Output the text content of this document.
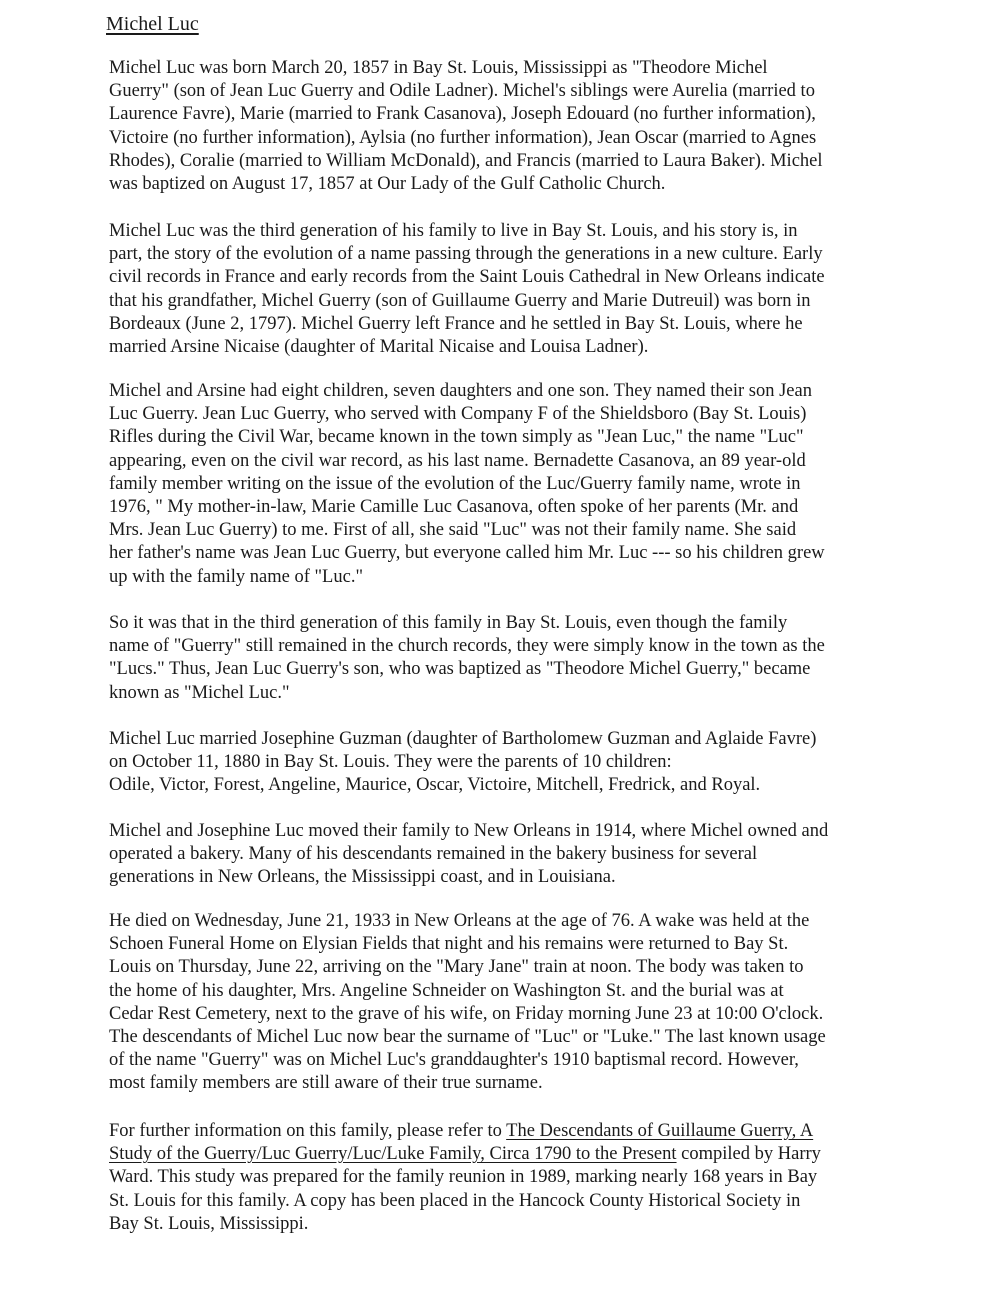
Michel Luc
Michel Luc was born March 20, 1857 in Bay St. Louis, Mississippi as "Theodore Michel
Guerry" (son of Jean Luc Guerry and Odile Ladner). Michel's siblings were Aurelia (married to
Laurence Favre), Marie (married to Frank Casanova), Joseph Edouard (no further information),
Victoire (no further information), Aylsia (no further information), Jean Oscar (married to Agnes
Rhodes), Coralie (married to William McDonald), and Francis (married to Laura Baker). Michel
was baptized on August 17, 1857 at Our Lady of the Gulf Catholic Church.
Michel Luc was the third generation of his family to live in Bay St. Louis, and his story is, in
part, the story of the evolution of a name passing through the generations in a new culture. Early
civil records in France and early records from the Saint Louis Cathedral in New Orleans indicate
that his grandfather, Michel Guerry (son of Guillaume Guerry and Marie Dutreuil) was born in
Bordeaux (June 2, 1797). Michel Guerry left France and he settled in Bay St. Louis, where he
married Arsine Nicaise (daughter of Marital Nicaise and Louisa Ladner).
Michel and Arsine had eight children, seven daughters and one son. They named their son Jean
Luc Guerry. Jean Luc Guerry, who served with Company F of the Shieldsboro (Bay St. Louis)
Rifles during the Civil War, became known in the town simply as "Jean Luc," the name "Luc"
appearing, even on the civil war record, as his last name. Bernadette Casanova, an 89 year-old
family member writing on the issue of the evolution of the Luc/Guerry family name, wrote in
1976, " My mother-in-law, Marie Camille Luc Casanova, often spoke of her parents (Mr. and
Mrs. Jean Luc Guerry) to me. First of all, she said "Luc" was not their family name. She said
her father's name was Jean Luc Guerry, but everyone called him Mr. Luc --- so his children grew
up with the family name of "Luc."
So it was that in the third generation of this family in Bay St. Louis, even though the family
name of "Guerry" still remained in the church records, they were simply know in the town as the
"Lucs." Thus, Jean Luc Guerry's son, who was baptized as "Theodore Michel Guerry," became
known as "Michel Luc."
Michel Luc married Josephine Guzman (daughter of Bartholomew Guzman and Aglaide Favre)
on October 11, 1880 in Bay St. Louis. They were the parents of 10 children:
Odile, Victor, Forest, Angeline, Maurice, Oscar, Victoire, Mitchell, Fredrick, and Royal.
Michel and Josephine Luc moved their family to New Orleans in 1914, where Michel owned and
operated a bakery. Many of his descendants remained in the bakery business for several
generations in New Orleans, the Mississippi coast, and in Louisiana.
He died on Wednesday, June 21, 1933 in New Orleans at the age of 76. A wake was held at the
Schoen Funeral Home on Elysian Fields that night and his remains were returned to Bay St.
Louis on Thursday, June 22, arriving on the "Mary Jane" train at noon. The body was taken to
the home of his daughter, Mrs. Angeline Schneider on Washington St. and the burial was at
Cedar Rest Cemetery, next to the grave of his wife, on Friday morning June 23 at 10:00 O'clock.
The descendants of Michel Luc now bear the surname of "Luc" or "Luke." The last known usage
of the name "Guerry" was on Michel Luc's granddaughter's 1910 baptismal record. However,
most family members are still aware of their true surname.
For further information on this family, please refer to The Descendants of Guillaume Guerry, A
Study of the Guerry/Luc Guerry/Luc/Luke Family, Circa 1790 to the Present compiled by Harry
Ward. This study was prepared for the family reunion in 1989, marking nearly 168 years in Bay
St. Louis for this family. A copy has been placed in the Hancock County Historical Society in
Bay St. Louis, Mississippi.
